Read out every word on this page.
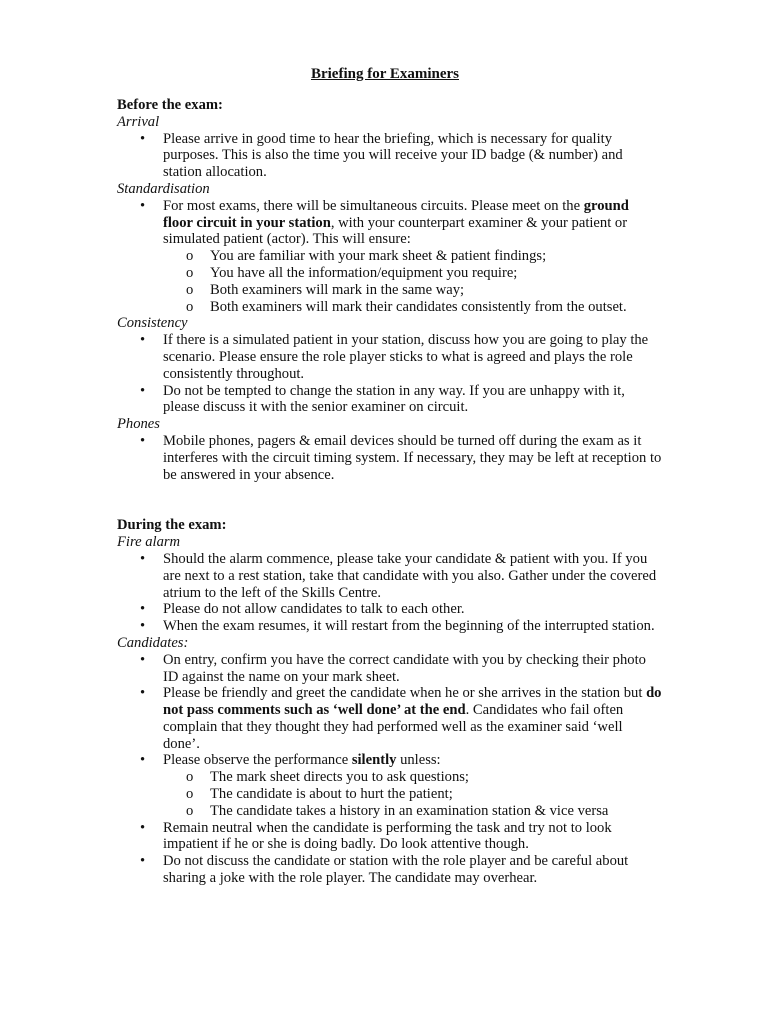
Briefing for Examiners
Before the exam:
Arrival
• Please arrive in good time to hear the briefing, which is necessary for quality purposes. This is also the time you will receive your ID badge (& number) and station allocation.
Standardisation
• For most exams, there will be simultaneous circuits. Please meet on the ground floor circuit in your station, with your counterpart examiner & your patient or simulated patient (actor). This will ensure:
o You are familiar with your mark sheet & patient findings;
o You have all the information/equipment you require;
o Both examiners will mark in the same way;
o Both examiners will mark their candidates consistently from the outset.
Consistency
• If there is a simulated patient in your station, discuss how you are going to play the scenario. Please ensure the role player sticks to what is agreed and plays the role consistently throughout.
• Do not be tempted to change the station in any way. If you are unhappy with it, please discuss it with the senior examiner on circuit.
Phones
• Mobile phones, pagers & email devices should be turned off during the exam as it interferes with the circuit timing system. If necessary, they may be left at reception to be answered in your absence.
During the exam:
Fire alarm
• Should the alarm commence, please take your candidate & patient with you. If you are next to a rest station, take that candidate with you also. Gather under the covered atrium to the left of the Skills Centre.
• Please do not allow candidates to talk to each other.
• When the exam resumes, it will restart from the beginning of the interrupted station.
Candidates:
• On entry, confirm you have the correct candidate with you by checking their photo ID against the name on your mark sheet.
• Please be friendly and greet the candidate when he or she arrives in the station but do not pass comments such as ‘well done’ at the end. Candidates who fail often complain that they thought they had performed well as the examiner said ‘well done’.
• Please observe the performance silently unless:
o The mark sheet directs you to ask questions;
o The candidate is about to hurt the patient;
o The candidate takes a history in an examination station & vice versa
• Remain neutral when the candidate is performing the task and try not to look impatient if he or she is doing badly. Do look attentive though.
• Do not discuss the candidate or station with the role player and be careful about sharing a joke with the role player. The candidate may overhear.
